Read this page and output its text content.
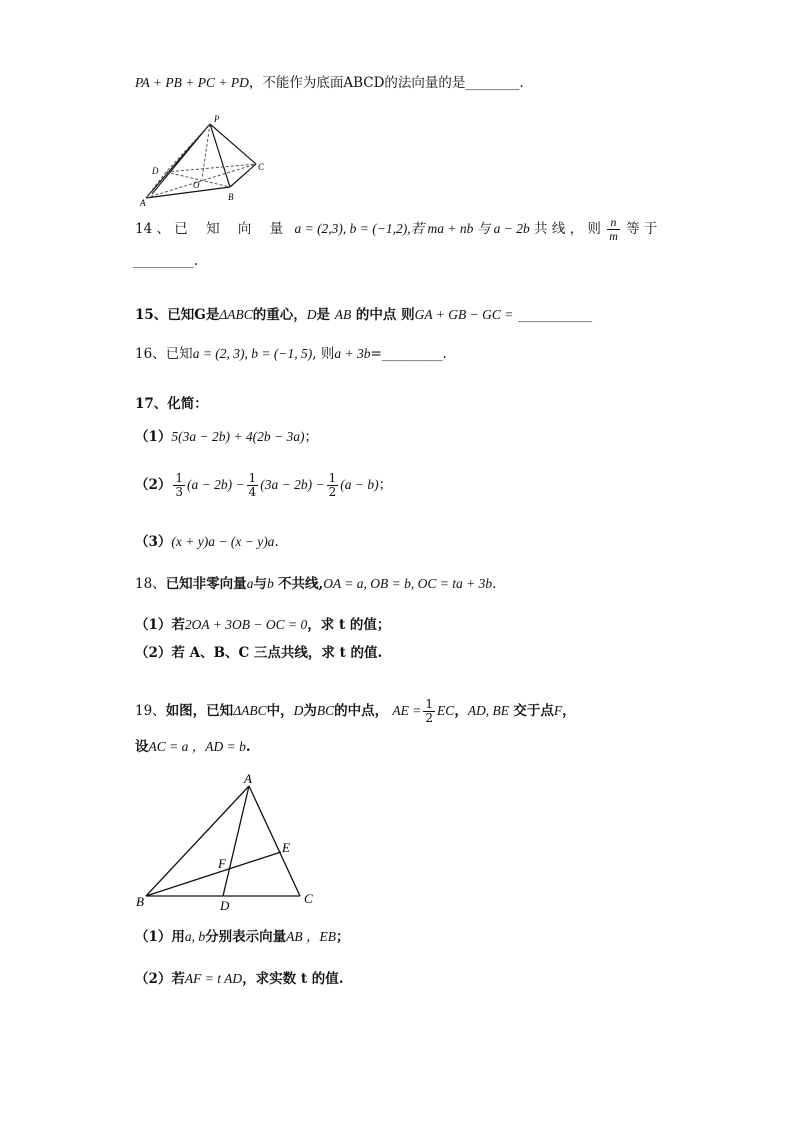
PA + PB + PC + PD，不能作为底面ABCD的法向量的是________.
P
A
B
C
D
O
14 、 已 知 向 量 a = (2,3), b = (−1,2),若 ma + nb 与 a − 2b 共 线 ， 则 $\frac{n}{m}$ 等 于
_________.
15、已知G是ΔABC的重心，D是 AB 的中点 则GA + GB − GC = ___________
16、已知a = (2, 3), b = (−1, 5), 则a + 3b=_________.
17、化简：
（1）5(3a − 2b) + 4(2b − 3a)；
$(2) \frac{1}{3} (a - 2b) - \frac{1}{4} (3a - 2b) - \frac{1}{2} (a - b)$；
（3）(x + y)a − (x − y)a.
18、已知非零向量a与b 不共线,OA = a, OB = b, OC = ta + 3b.
（1）若2OA + 3OB − OC = 0，求 t 的值；
（2）若 A、B、C 三点共线，求 t 的值.
19、如图，已知ΔABC中，D为BC的中点， AE = $\frac{1}{2}$ EC，AD, BE 交于点F，
设AC = a ，AD = b.
A
B	C
D
E
F
（1）用a, b分别表示向量AB ，EB；
（2）若AF = t AD，求实数 t 的值.
